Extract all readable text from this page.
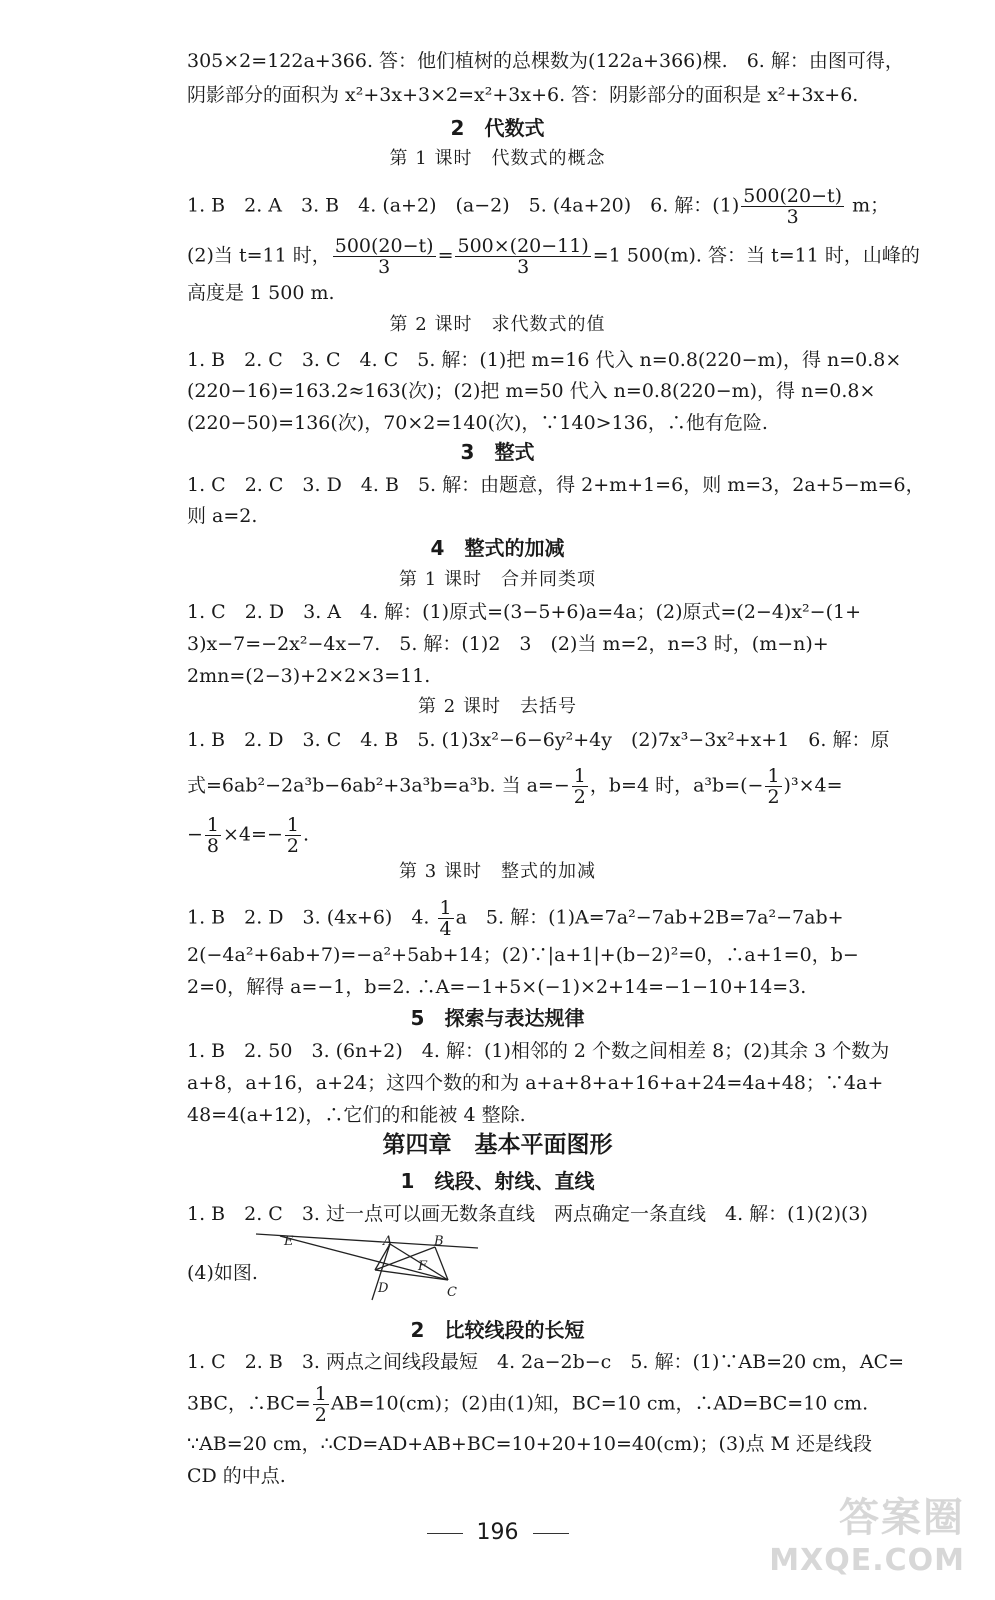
305×2=122a+366. 答：他们植树的总棵数为(122a+366)棵.　6. 解：由图可得，
阴影部分的面积为 x²+3x+3×2=x²+3x+6. 答：阴影部分的面积是 x²+3x+6.
2　代数式
第 1 课时　代数式的概念
1. B　2. A　3. B　4. (a+2)　(a−2)　5. (4a+20)　6. 解：$(1) \frac{500(20-t)}{3}$ m；
(2)当 t=11 时， $\frac{500(20-t)}{3} = \frac{500\times(20-11)}{3} =1$ 500(m). 答：当 t=11 时，山峰的
高度是 1 500 m.
第 2 课时　求代数式的值
1. B　2. C　3. C　4. C　5. 解：(1)把 m=16 代入 n=0.8(220−m)，得 n=0.8×
(220−16)=163.2≈163(次)；(2)把 m=50 代入 n=0.8(220−m)，得 n=0.8×
(220−50)=136(次)，70×2=140(次)，∵140>136，∴他有危险.
3　整式
1. C　2. C　3. D　4. B　5. 解：由题意，得 2+m+1=6，则 m=3，2a+5−m=6，
则 a=2.
4　整式的加减
第 1 课时　合并同类项
1. C　2. D　3. A　4. 解：(1)原式=(3−5+6)a=4a；(2)原式=(2−4)x²−(1+
3)x−7=−2x²−4x−7.　5. 解：(1)2　3　(2)当 m=2，n=3 时，(m−n)+
2mn=(2−3)+2×2×3=11.
第 2 课时　去括号
1. B　2. D　3. C　4. B　5. (1)3x²−6−6y²+4y　(2)7x³−3x²+x+1　6. 解：原
式=6ab²−2a³b−6ab²+3a³b=a³b. 当 $a=- \frac{1}{2}$ ，b=4 时，$a^3b=(- \frac{1}{2} )^3\times 4=$
− $\frac{1}{8} \times 4=- \frac{1}{2}$ .
第 3 课时　整式的加减
1. B　2. D　3. (4x+6)　4. $\frac{1}{4}$ a　5. 解：(1)A=7a²−7ab+2B=7a²−7ab+
2(−4a²+6ab+7)=−a²+5ab+14；(2)∵|a+1|+(b−2)²=0，∴a+1=0，b−
2=0，解得 a=−1，b=2. ∴A=−1+5×(−1)×2+14=−1−10+14=3.
5　探索与表达规律
1. B　2. 50　3. (6n+2)　4. 解：(1)相邻的 2 个数之间相差 8；(2)其余 3 个数为
a+8，a+16，a+24；这四个数的和为 a+a+8+a+16+a+24=4a+48；∵4a+
48=4(a+12)，∴它们的和能被 4 整除.
第四章　基本平面图形
1　线段、射线、直线
1. B　2. C　3. 过一点可以画无数条直线　两点确定一条直线　4. 解：(1)(2)(3)
(4)如图.
E	A	B
F
D	C
2　比较线段的长短
1. C　2. B　3. 两点之间线段最短　4. 2a−2b−c　5. 解：(1)∵AB=20 cm，AC=
3BC，∴BC= $\frac{1}{2} AB=10(cm)$；(2)由(1)知，BC=10 cm，∴AD=BC=10 cm.
∵AB=20 cm，∴CD=AD+AB+BC=10+20+10=40(cm)；(3)点 M 还是线段
CD 的中点.
196	答案圈
MXQE.COM
